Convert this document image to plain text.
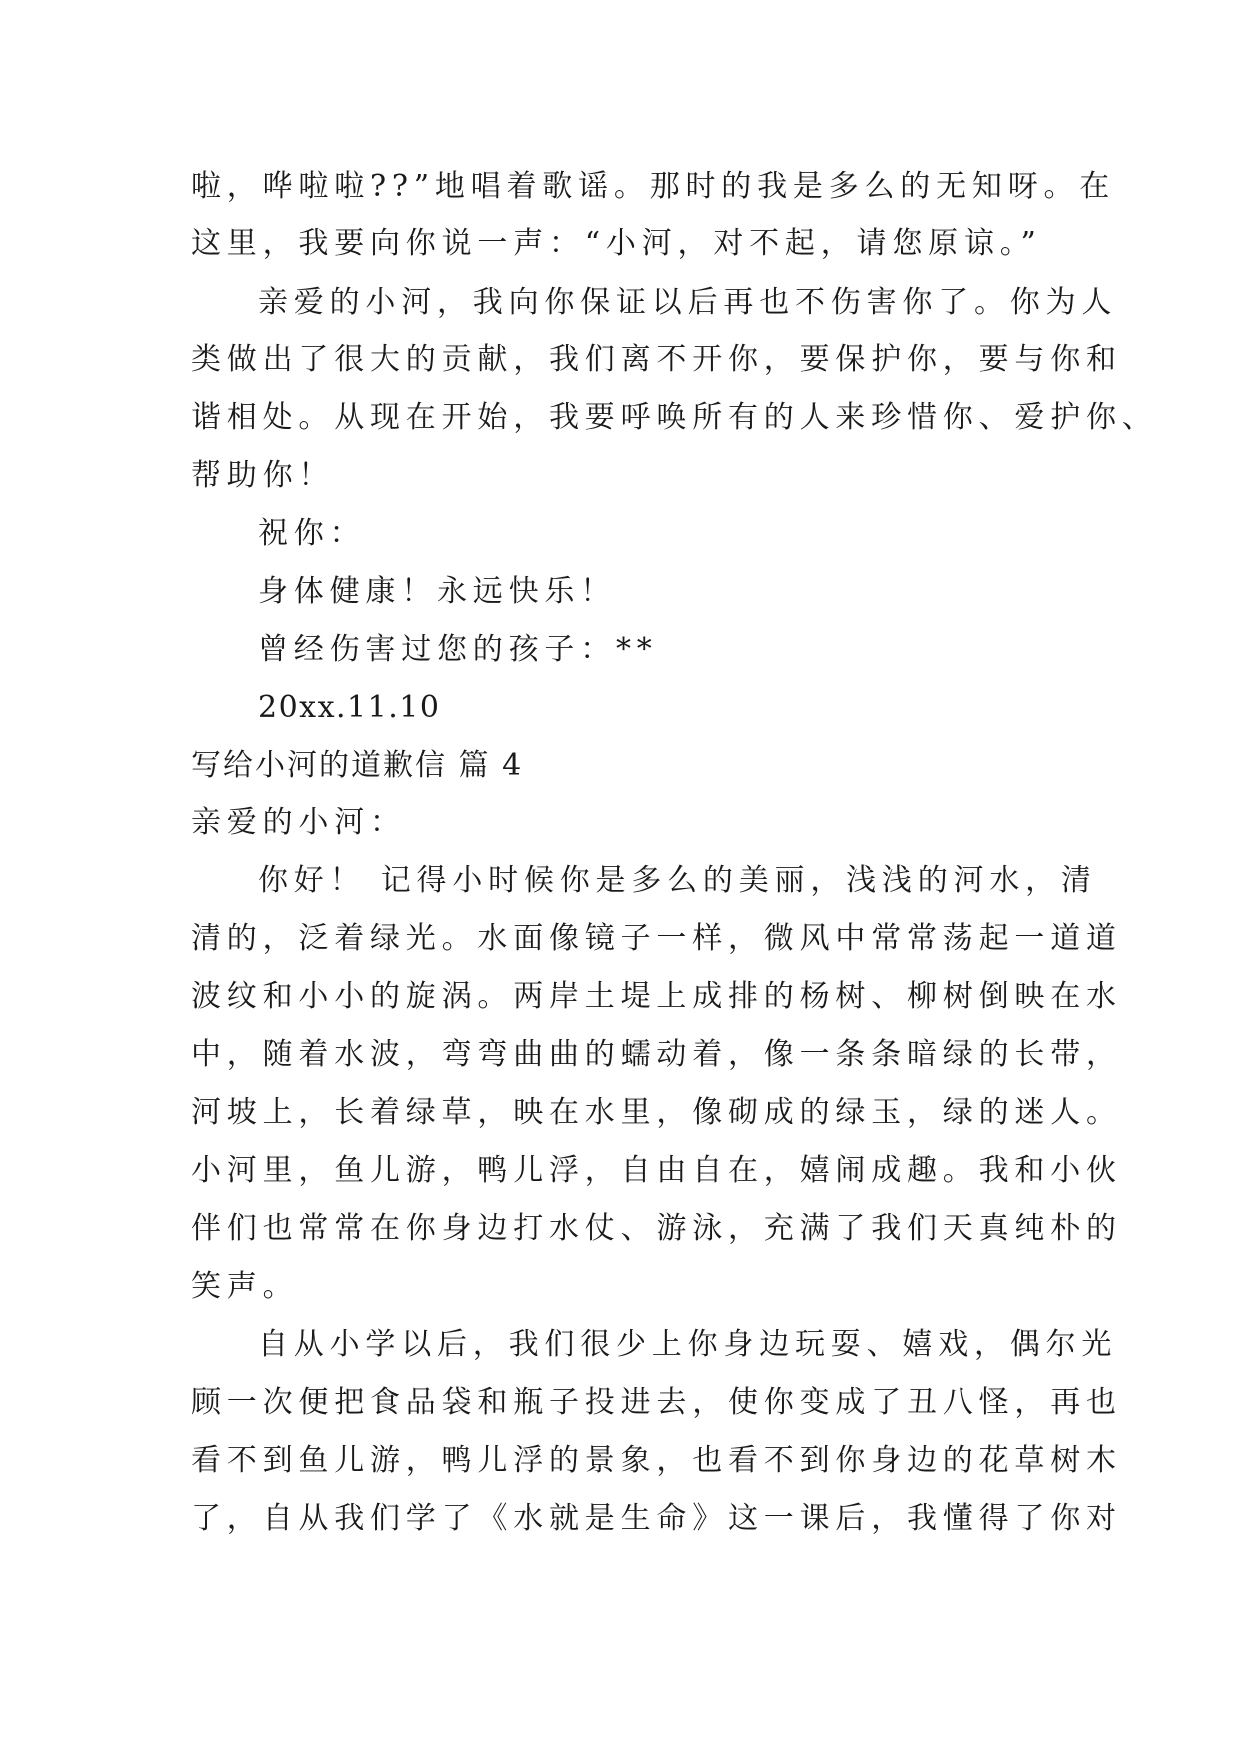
啦，哗啦啦??”地唱着歌谣。那时的我是多么的无知呀。在
这里，我要向你说一声：“小河，对不起，请您原谅。”
亲爱的小河，我向你保证以后再也不伤害你了。你为人
类做出了很大的贡献，我们离不开你，要保护你，要与你和
谐相处。从现在开始，我要呼唤所有的人来珍惜你、爱护你、
帮助你！
祝你：
身体健康！永远快乐！
曾经伤害过您的孩子：**
20xx.11.10
写给小河的道歉信 篇 4
亲爱的小河：
你好！ 记得小时候你是多么的美丽，浅浅的河水，清
清的，泛着绿光。水面像镜子一样，微风中常常荡起一道道
波纹和小小的旋涡。两岸土堤上成排的杨树、柳树倒映在水
中，随着水波，弯弯曲曲的蠕动着，像一条条暗绿的长带，
河坡上，长着绿草，映在水里，像砌成的绿玉，绿的迷人。
小河里，鱼儿游，鸭儿浮，自由自在，嬉闹成趣。我和小伙
伴们也常常在你身边打水仗、游泳，充满了我们天真纯朴的
笑声。
自从小学以后，我们很少上你身边玩耍、嬉戏，偶尔光
顾一次便把食品袋和瓶子投进去，使你变成了丑八怪，再也
看不到鱼儿游，鸭儿浮的景象，也看不到你身边的花草树木
了，自从我们学了《水就是生命》这一课后，我懂得了你对
